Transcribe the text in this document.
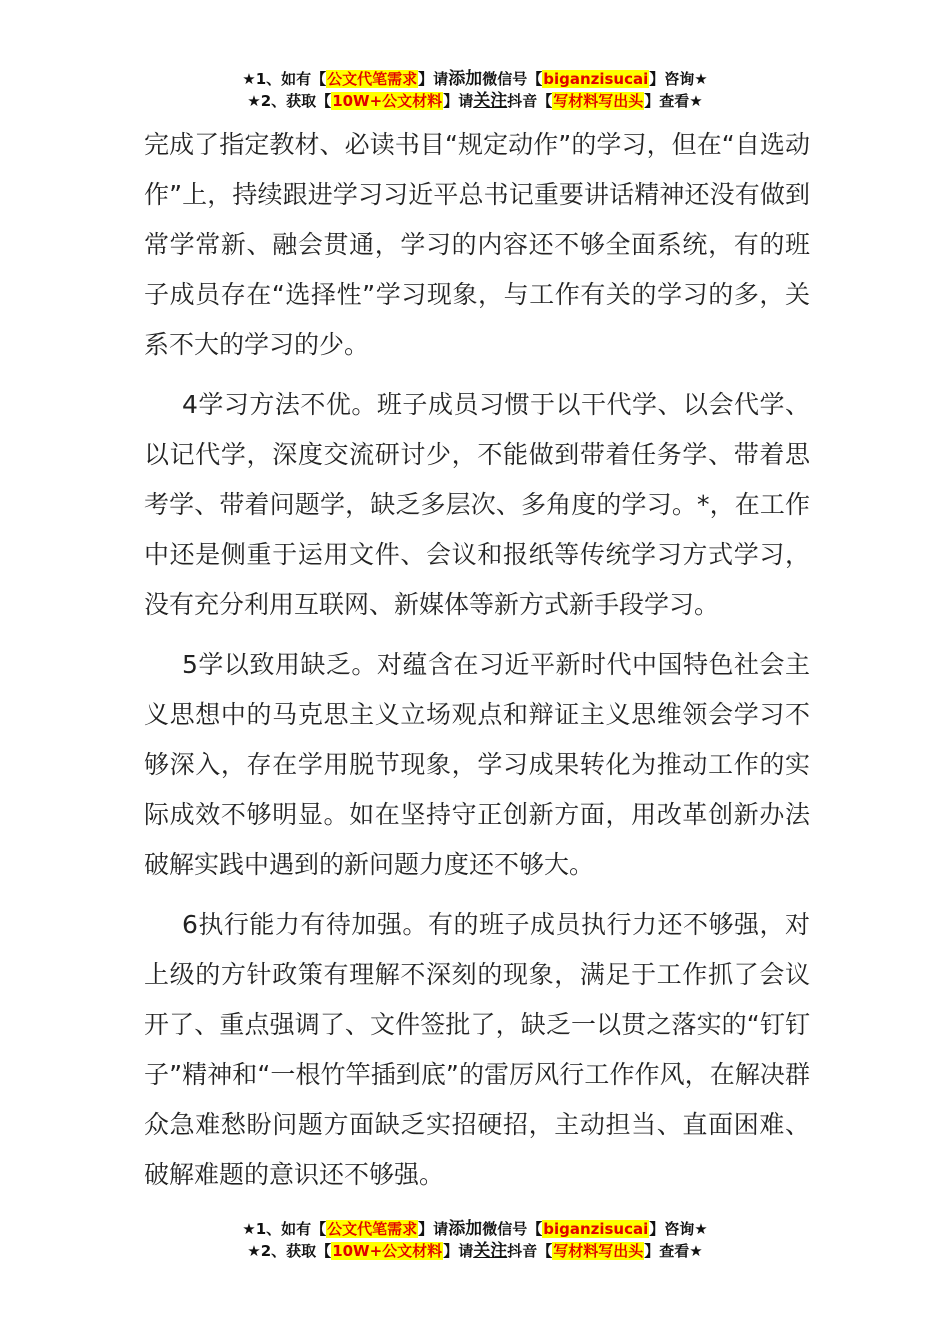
★1、如有【公文代笔需求】请添加微信号【biganzisucai】咨询★
★2、获取【10W+公文材料】请关注抖音【写材料写出头】查看★

完成了指定教材、必读书目“规定动作”的学习，但在“自选动作”上，持续跟进学习习近平总书记重要讲话精神还没有做到常学常新、融会贯通，学习的内容还不够全面系统，有的班子成员存在“选择性”学习现象，与工作有关的学习的多，关系不大的学习的少。

4学习方法不优。班子成员习惯于以干代学、以会代学、以记代学，深度交流研讨少，不能做到带着任务学、带着思考学、带着问题学，缺乏多层次、多角度的学习。*，在工作中还是侧重于运用文件、会议和报纸等传统学习方式学习，没有充分利用互联网、新媒体等新方式新手段学习。

5学以致用缺乏。对蕴含在习近平新时代中国特色社会主义思想中的马克思主义立场观点和辩证主义思维领会学习不够深入，存在学用脱节现象，学习成果转化为推动工作的实际成效不够明显。如在坚持守正创新方面，用改革创新办法破解实践中遇到的新问题力度还不够大。

6执行能力有待加强。有的班子成员执行力还不够强，对上级的方针政策有理解不深刻的现象，满足于工作抓了会议开了、重点强调了、文件签批了，缺乏一以贯之落实的“钉钉子”精神和“一根竹竿插到底”的雷厉风行工作作风，在解决群众急难愁盼问题方面缺乏实招硬招，主动担当、直面困难、破解难题的意识还不够强。

★1、如有【公文代笔需求】请添加微信号【biganzisucai】咨询★
★2、获取【10W+公文材料】请关注抖音【写材料写出头】查看★
